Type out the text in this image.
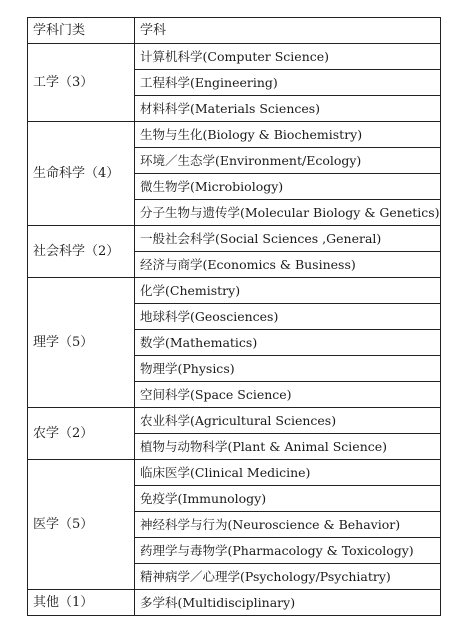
学科门类	学科
工学（3）	计算机科学(Computer Science)
	工程科学(Engineering)
	材料科学(Materials Sciences)
生命科学（4）	生物与生化(Biology & Biochemistry)
	环境／生态学(Environment/Ecology)
	微生物学(Microbiology)
	分子生物与遗传学(Molecular Biology & Genetics)
社会科学（2）	一般社会科学(Social Sciences ,General)
	经济与商学(Economics & Business)
理学（5）	化学(Chemistry)
	地球科学(Geosciences)
	数学(Mathematics)
	物理学(Physics)
	空间科学(Space Science)
农学（2）	农业科学(Agricultural Sciences)
	植物与动物科学(Plant & Animal Science)
医学（5）	临床医学(Clinical Medicine)
	免疫学(Immunology)
	神经科学与行为(Neuroscience & Behavior)
	药理学与毒物学(Pharmacology & Toxicology)
	精神病学／心理学(Psychology/Psychiatry)
其他（1）	多学科(Multidisciplinary)
